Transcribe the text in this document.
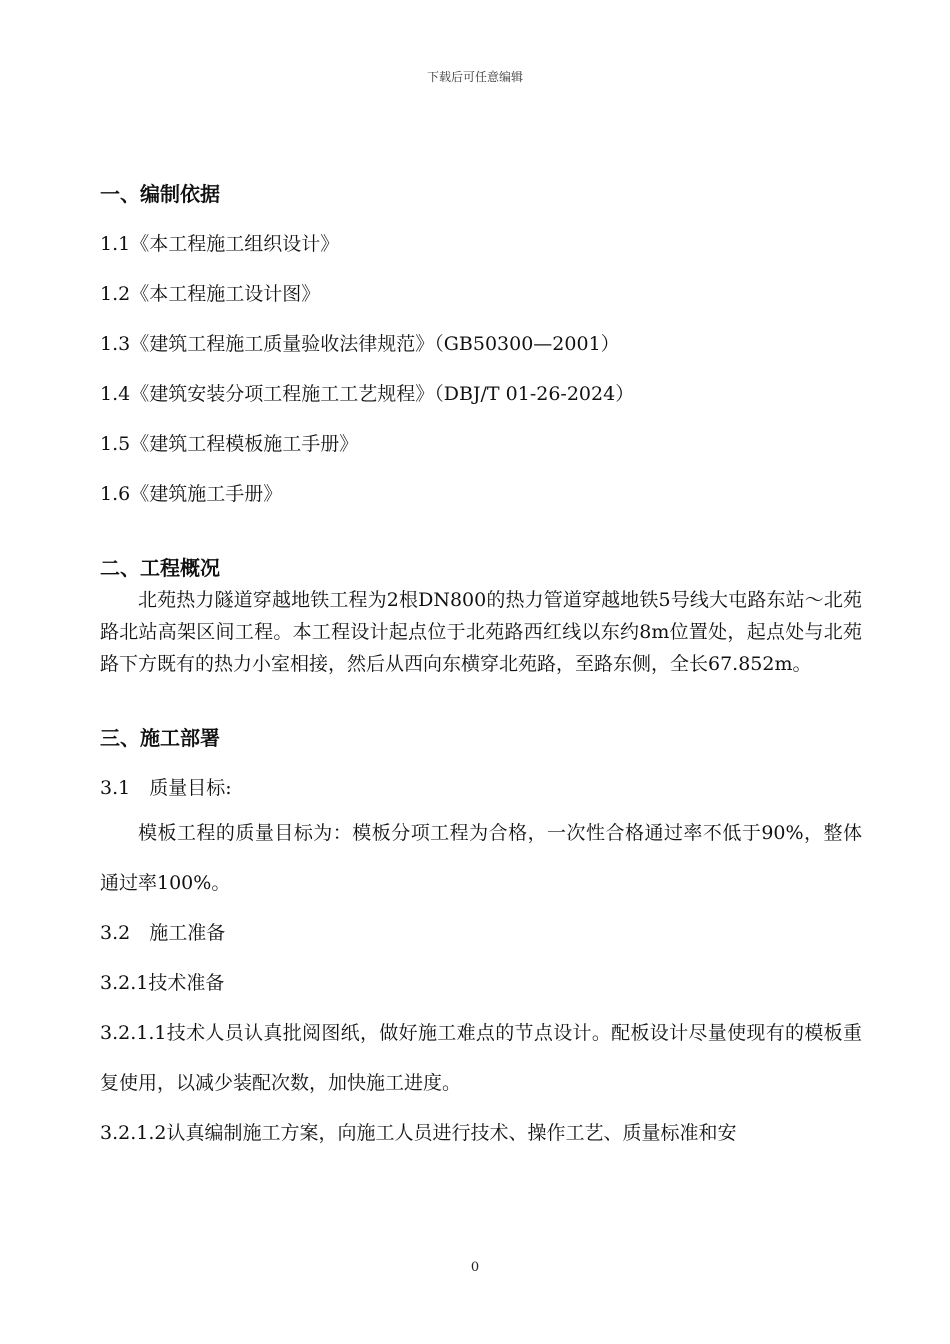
下载后可任意编辑

一、编制依据

1.1《本工程施工组织设计》

1.2《本工程施工设计图》

1.3《建筑工程施工质量验收法律规范》（GB50300—2001）

1.4《建筑安装分项工程施工工艺规程》（DBJ/T 01-26-2024）

1.5《建筑工程模板施工手册》

1.6《建筑施工手册》

二、工程概况

北苑热力隧道穿越地铁工程为2根DN800的热力管道穿越地铁5号线大屯路东站～北苑路北站高架区间工程。本工程设计起点位于北苑路西红线以东约8m位置处，起点处与北苑路下方既有的热力小室相接，然后从西向东横穿北苑路，至路东侧，全长67.852m。

三、施工部署

3.1　质量目标:

模板工程的质量目标为：模板分项工程为合格，一次性合格通过率不低于90%，整体通过率100%。

3.2　施工准备

3.2.1技术准备

3.2.1.1技术人员认真批阅图纸，做好施工难点的节点设计。配板设计尽量使现有的模板重复使用，以减少装配次数，加快施工进度。

3.2.1.2认真编制施工方案，向施工人员进行技术、操作工艺、质量标准和安

0
